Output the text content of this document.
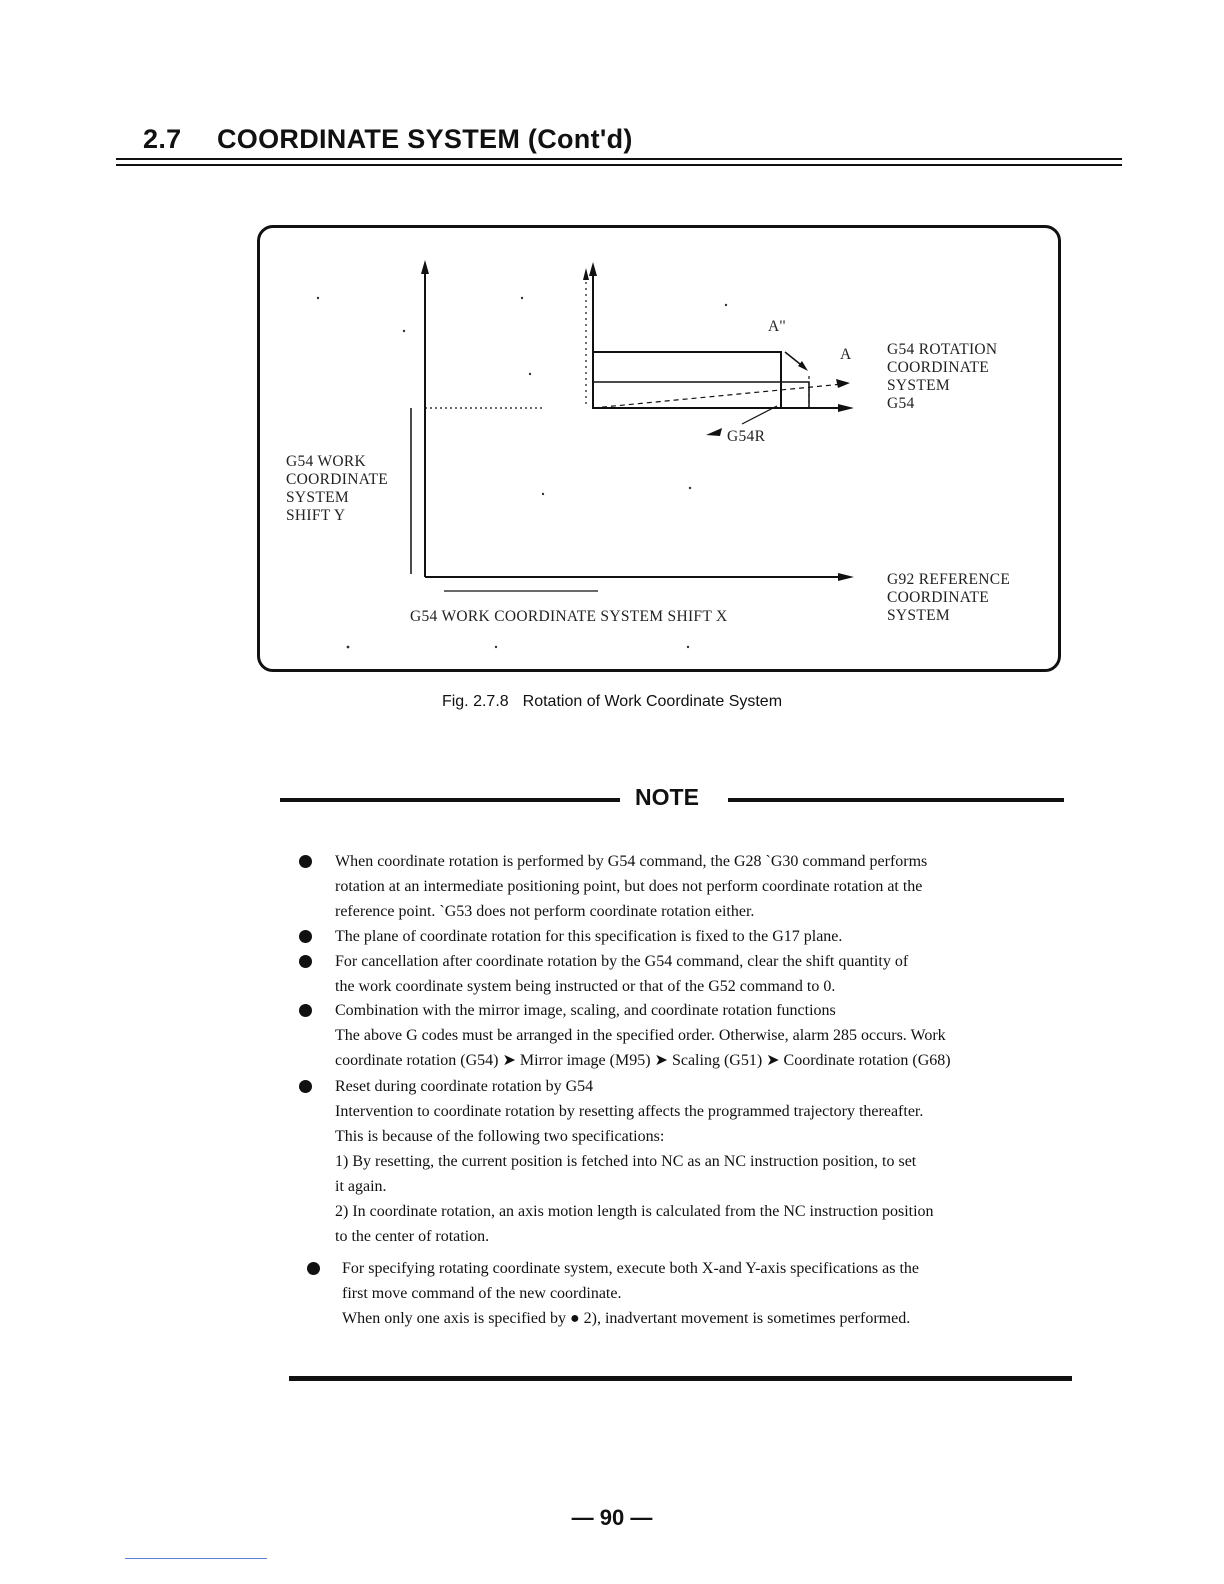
2.7 COORDINATE SYSTEM (Cont'd)
A''
A
G54R
G54 ROTATION
COORDINATE
SYSTEM
G54
G54 WORK
COORDINATE
SYSTEM
SHIFT Y
G92 REFERENCE
COORDINATE
SYSTEM
G54 WORK COORDINATE SYSTEM SHIFT X
Fig. 2.7.8 Rotation of Work Coordinate System
NOTE
When coordinate rotation is performed by G54 command, the G28 `G30 command performs
rotation at an intermediate positioning point, but does not perform coordinate rotation at the
reference point. `G53 does not perform coordinate rotation either.
The plane of coordinate rotation for this specification is fixed to the G17 plane.
For cancellation after coordinate rotation by the G54 command, clear the shift quantity of
the work coordinate system being instructed or that of the G52 command to 0.
Combination with the mirror image, scaling, and coordinate rotation functions
The above G codes must be arranged in the specified order. Otherwise, alarm 285 occurs. Work
coordinate rotation (G54) ➤ Mirror image (M95) ➤ Scaling (G51) ➤ Coordinate rotation (G68)
Reset during coordinate rotation by G54
Intervention to coordinate rotation by resetting affects the programmed trajectory thereafter.
This is because of the following two specifications:
1) By resetting, the current position is fetched into NC as an NC instruction position, to set
it again.
2) In coordinate rotation, an axis motion length is calculated from the NC instruction position
to the center of rotation.
For specifying rotating coordinate system, execute both X-and Y-axis specifications as the
first move command of the new coordinate.
When only one axis is specified by ● 2), inadvertant movement is sometimes performed.
— 90 —
